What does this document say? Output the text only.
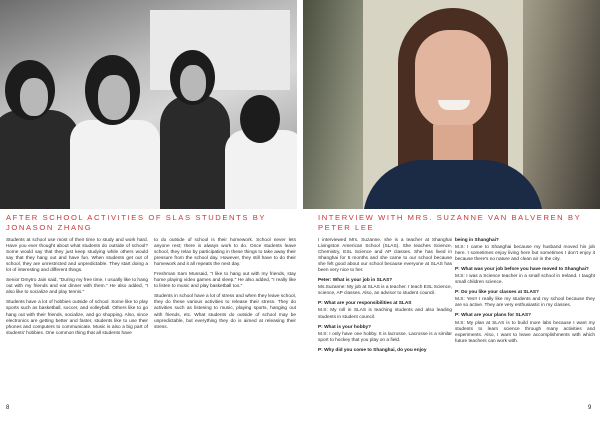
AFTER SCHOOL ACTIVITIES OF SLAS STUDENTS BY JONASON ZHANG
INTERVIEW WITH MRS. SUZANNE VAN BALVEREN BY PETER LEE

Students at school use most of their time to study and work hard. Have you ever thought about what students do outside of school? Some would say that they just keep studying while others would say that they hang out and have fun. When students get out of school, they are unrestricted and unpredictable. They start doing a lot of interesting and different things.

Senior Dmytro Jain said, "During my free time, I usually like to hang out with my friends and eat dinner with them." He also added, "I also like to socialize and play tennis."

Students have a lot of hobbies outside of school. Some like to play sports such as basketball, soccer, and volleyball. Others like to go hang out with their friends, socialize, and go shopping. Also, since electronics are getting better and faster, students like to use their phones and computers to communicate. Music is also a big part of students' hobbies. One common thing that all students have

to do outside of school is their homework. School never lets anyone rest; there is always work to do. Once students leave school, they relax by participating in these things to take away their pressure from the school day. However, they still have to do their homework and it all repeats the next day.

Freshman Sam Munsaid, "I like to hang out with my friends, stay home playing video games and sleep." He also added, "I really like to listen to music and play basketball too."

Students in school have a lot of stress and when they leave school, they do these various activities to release their stress. They do activities such as listening to music, playing sports, hanging out with friends, etc. What students do outside of school may be unpredictable, but everything they do is aimed at releasing their stress.

I interviewed Mrs. Suzanne, she is a teacher at Shanghai Livingston American School (SLAS). She teaches Science, Chemistry, ESL Science and AP classes. She has lived in Shanghai for 5 months and she came to our school because she felt good about our school because everyone at SLAS has been very nice to her.

Peter: What is your job in SLAS?

Ms.Suzanne: My job at SLAS is a teacher. I teach ESL Science, science, AP classes. Also, an advisor to student council.

P: What are your responsibilities at SLAS

M.S: My roll in SLAS is teaching students and also leading students in student council.

P: What is your hobby?

M.S: I only have one hobby. It is lacrosse. Lacrosse is a similar sport to hockey that you play on a field.

P: Why did you come to Shanghai, do you enjoy

being in Shanghai?

M.S: I came to Shanghai because my husband moved his job here. I sometimes enjoy living here but sometimes I don't enjoy it because there's no nature and clean air in the city.

P: What was your job before you have moved to Shanghai?

M.S: I was a Science teacher in a small school in Ireland. I taught small children science.

P: Do you like your classes at SLAS?

M.S: Yes!! I really like my students and my school because they are so active. They are very enthusiastic in my classes.

P: What are your plans for SLAS?

M.S: My plan at SLAS is to build more labs because I want my students to learn science through many activities and experiments. Also, I want to leave accomplishments with which future teachers can work with.

8	9
